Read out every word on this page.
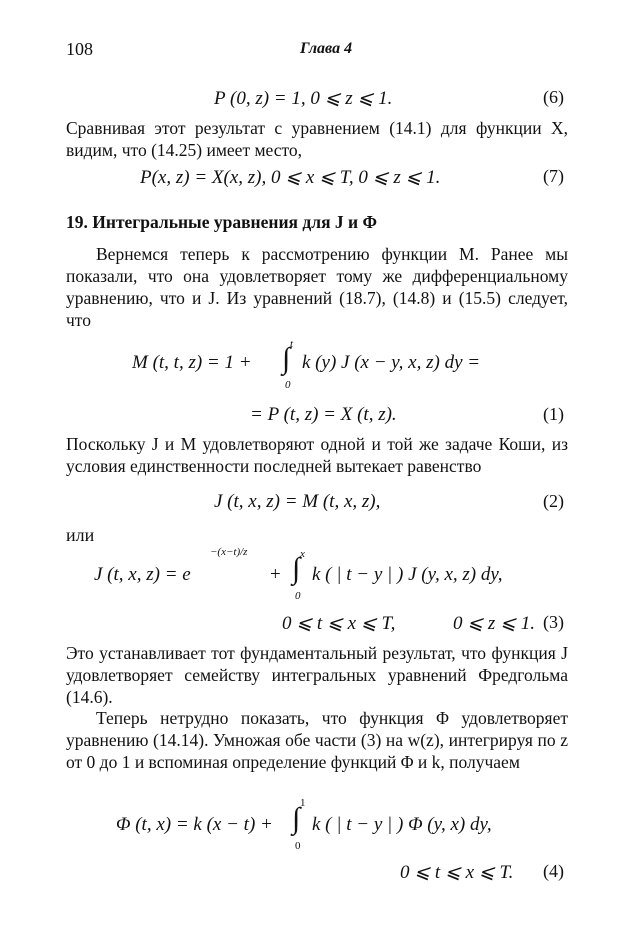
108	Глава 4
P (0, z) = 1, 0 ⩽ z ⩽ 1.	(6)
Сравнивая этот результат с уравнением (14.1) для функции X, видим, что (14.25) имеет место,
P(x, z) = X(x, z), 0 ⩽ x ⩽ T, 0 ⩽ z ⩽ 1.	(7)
19. Интегральные уравнения для J и Φ
Вернемся теперь к рассмотрению функции M. Ранее мы показали, что она удовлетворяет тому же дифференциальному уравнению, что и J. Из уравнений (18.7), (14.8) и (15.5) следует, что
M (t, t, z) = 1 +
t
∫
0
k (y) J (x − y, x, z) dy =
= P (t, z) = X (t, z).	(1)
Поскольку J и M удовлетворяют одной и той же задаче Коши, из условия единственности последней вытекает равенство
J (t, x, z) = M (t, x, z),	(2)
или
J (t, x, z) = e
−(x−t)/z
+
x
∫
0
k ( | t − y | ) J (y, x, z) dy,
0 ⩽ t ⩽ x ⩽ T,	0 ⩽ z ⩽ 1. (3)
Это устанавливает тот фундаментальный результат, что функция J удовлетворяет семейству интегральных уравнений Фредгольма (14.6).
Теперь нетрудно показать, что функция Φ удовлетворяет уравнению (14.14). Умножая обе части (3) на w(z), интегрируя по z от 0 до 1 и вспоминая определение функций Φ и k, получаем
Φ (t, x) = k (x − t) +
1
∫
0
k ( | t − y | ) Φ (y, x) dy,
0 ⩽ t ⩽ x ⩽ T. (4)
